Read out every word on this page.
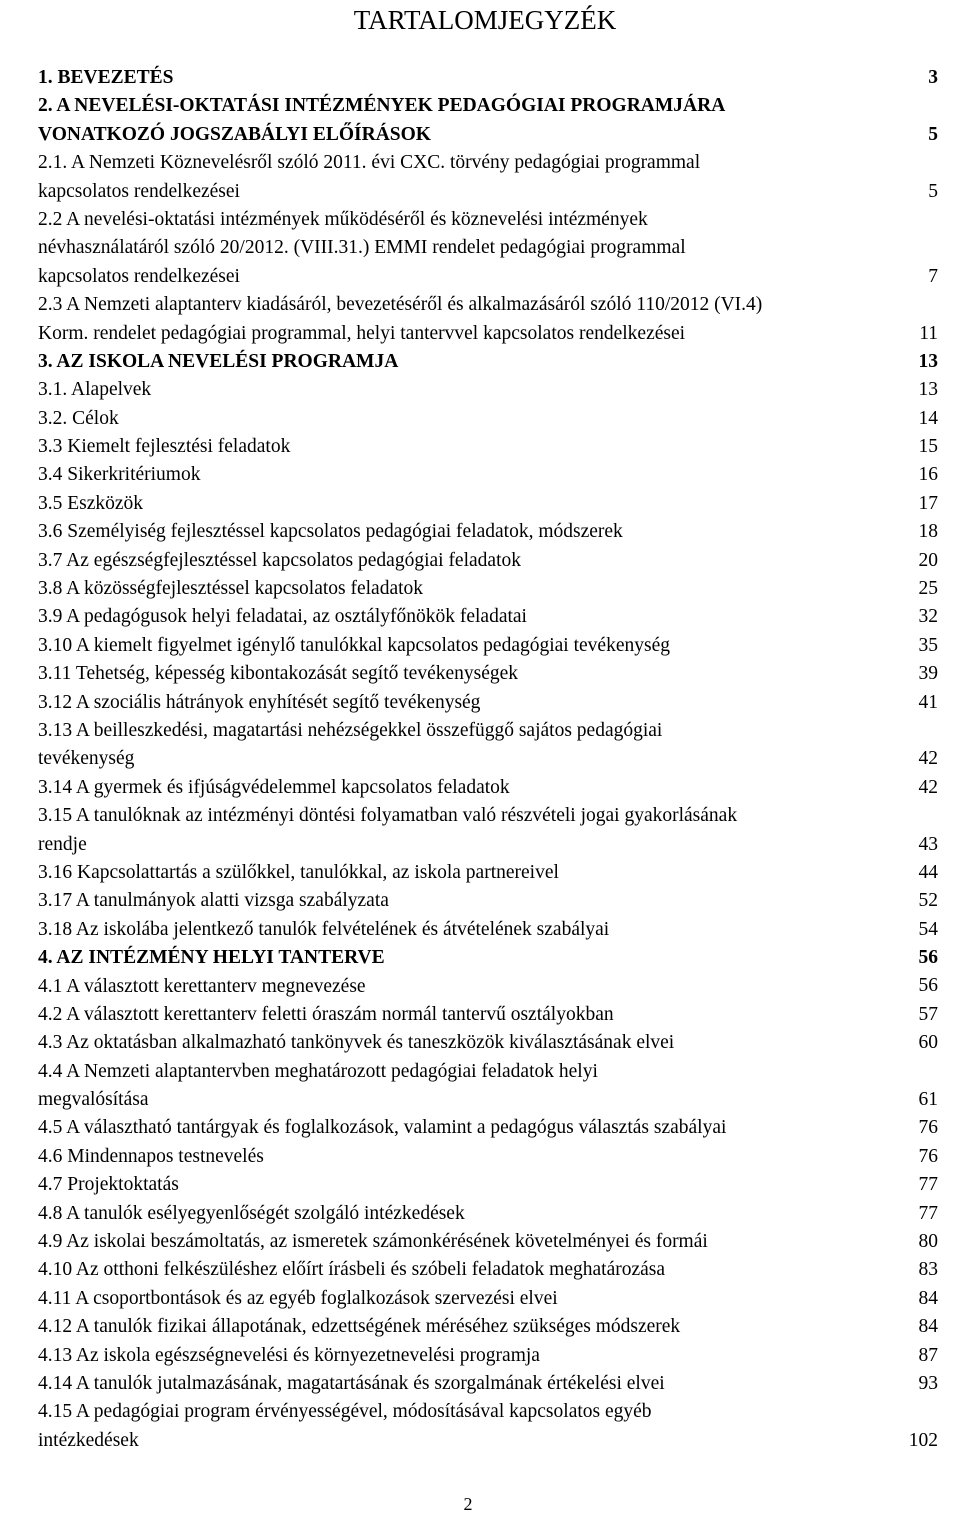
TARTALOMJEGYZÉK
1. BEVEZETÉS	3
2. A NEVELÉSI-OKTATÁSI INTÉZMÉNYEK PEDAGÓGIAI PROGRAMJÁRA
VONATKOZÓ JOGSZABÁLYI ELŐÍRÁSOK	5
2.1. A Nemzeti Köznevelésről szóló 2011. évi CXC. törvény pedagógiai programmal
kapcsolatos rendelkezései	5
2.2 A nevelési-oktatási intézmények működéséről és köznevelési intézmények
névhasználatáról szóló 20/2012. (VIII.31.) EMMI rendelet pedagógiai programmal
kapcsolatos rendelkezései	7
2.3 A Nemzeti alaptanterv kiadásáról, bevezetéséről és alkalmazásáról szóló 110/2012 (VI.4)
Korm. rendelet pedagógiai programmal, helyi tantervvel kapcsolatos rendelkezései	11
3. AZ ISKOLA NEVELÉSI PROGRAMJA	13
3.1. Alapelvek	13
3.2. Célok	14
3.3 Kiemelt fejlesztési feladatok	15
3.4 Sikerkritériumok	16
3.5 Eszközök	17
3.6 Személyiség fejlesztéssel kapcsolatos pedagógiai feladatok, módszerek	18
3.7 Az egészségfejlesztéssel kapcsolatos pedagógiai feladatok	20
3.8 A közösségfejlesztéssel kapcsolatos feladatok	25
3.9 A pedagógusok helyi feladatai, az osztályfőnökök feladatai	32
3.10 A kiemelt figyelmet igénylő tanulókkal kapcsolatos pedagógiai tevékenység	35
3.11 Tehetség, képesség kibontakozását segítő tevékenységek	39
3.12 A szociális hátrányok enyhítését segítő tevékenység	41
3.13 A beilleszkedési, magatartási nehézségekkel összefüggő sajátos pedagógiai
tevékenység	42
3.14 A gyermek és ifjúságvédelemmel kapcsolatos feladatok	42
3.15 A tanulóknak az intézményi döntési folyamatban való részvételi jogai gyakorlásának
rendje	43
3.16 Kapcsolattartás a szülőkkel, tanulókkal, az iskola partnereivel	44
3.17 A tanulmányok alatti vizsga szabályzata	52
3.18 Az iskolába jelentkező tanulók felvételének és átvételének szabályai	54
4. AZ INTÉZMÉNY HELYI TANTERVE	56
4.1 A választott kerettanterv megnevezése	56
4.2 A választott kerettanterv feletti óraszám normál tantervű osztályokban	57
4.3 Az oktatásban alkalmazható tankönyvek és taneszközök kiválasztásának elvei	60
4.4 A Nemzeti alaptantervben meghatározott pedagógiai feladatok helyi
megvalósítása	61
4.5 A választható tantárgyak és foglalkozások, valamint a pedagógus választás szabályai	76
4.6 Mindennapos testnevelés	76
4.7 Projektoktatás	77
4.8 A tanulók esélyegyenlőségét szolgáló intézkedések	77
4.9 Az iskolai beszámoltatás, az ismeretek számonkérésének követelményei és formái	80
4.10 Az otthoni felkészüléshez előírt írásbeli és szóbeli feladatok meghatározása	83
4.11 A csoportbontások és az egyéb foglalkozások szervezési elvei	84
4.12 A tanulók fizikai állapotának, edzettségének méréséhez szükséges módszerek	84
4.13 Az iskola egészségnevelési és környezetnevelési programja	87
4.14 A tanulók jutalmazásának, magatartásának és szorgalmának értékelési elvei	93
4.15 A pedagógiai program érvényességével, módosításával kapcsolatos egyéb
intézkedések	102
2
